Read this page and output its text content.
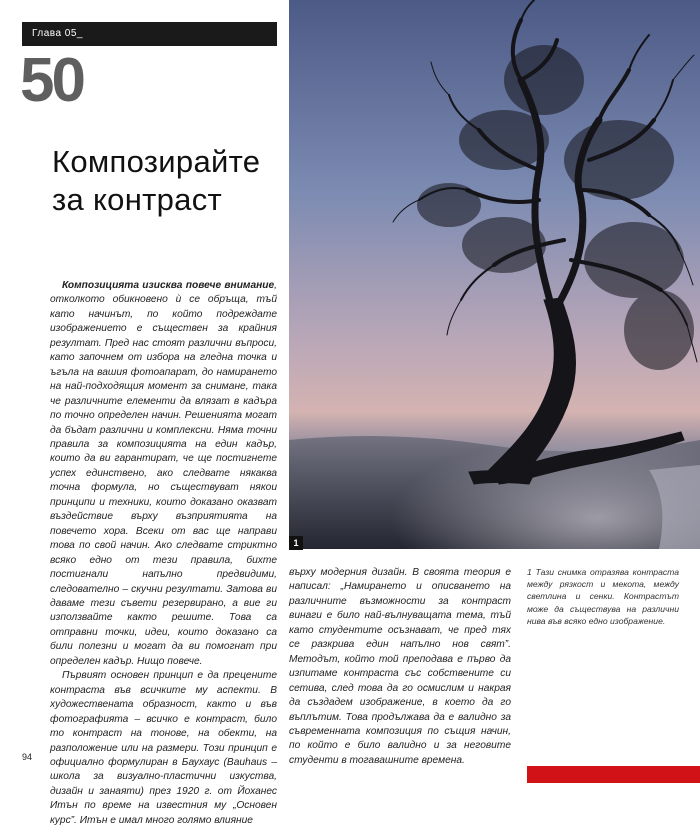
Глава 05_
50
Композирайте за контраст

Композицията изисква повече внимание, отколкото обикновено ѝ се обръща, тъй като начинът, по който подреждате изображението е съществен за крайния резултат. Пред нас стоят различни въпроси, като започнем от избора на гледна точка и ъгъла на вашия фотоапарат, до намирането на най-подходящия момент за снимане, така че различните елементи да влязат в кадъра по точно определен начин. Решенията могат да бъдат различни и комплексни. Няма точни правила за композицията на един кадър, които да ви гарантират, че ще постигнете успех единствено, ако следвате някаква точна формула, но съществуват някои принципи и техники, които доказано оказват въздействие върху възприятията на повечето хора. Всеки от вас ще направи това по свой начин. Ако следвате стриктно всяко едно от тези правила, бихте постигнали напълно предвидими, следователно – скучни резултати. Затова ви даваме тези съвети резервирано, а вие ги използвайте както решите. Това са отправни точки, идеи, които доказано са били полезни и могат да ви помогнат при определен кадър. Нищо повече.

Първият основен принцип е да прецените контраста във всичките му аспекти. В художествената образност, както и във фотографията – всичко е контраст, било то контраст на тонове, на обекти, на разположение или на размери. Този принцип е официално формулиран в Баухаус (Bauhaus – школа за визуално-пластични изкуства, дизайн и занаяти) през 1920 г. от Йоханес Итън по време на известния му „Основен курс”. Итън е имал много голямо влияние

1

върху модерния дизайн. В своята теория е написал: „Намирането и описването на различните възможности за контраст винаги е било най-вълнуващата тема, тъй като студентите осъзнават, че пред тях се разкрива един напълно нов свят”. Методът, който той преподава е първо да изпитаме контраста със собствените си сетива, след това да го осмислим и накрая да създадем изображение, в което да го въплътим. Това продължава да е валидно за съвременната композиция по същия начин, по който е било валидно и за неговите студенти в тогавашните времена.

1 Тази снимка отразява контраста между рязкост и мекота, между светлина и сенки. Контрастът може да съществува на различни нива във всяко едно изображение.

94
